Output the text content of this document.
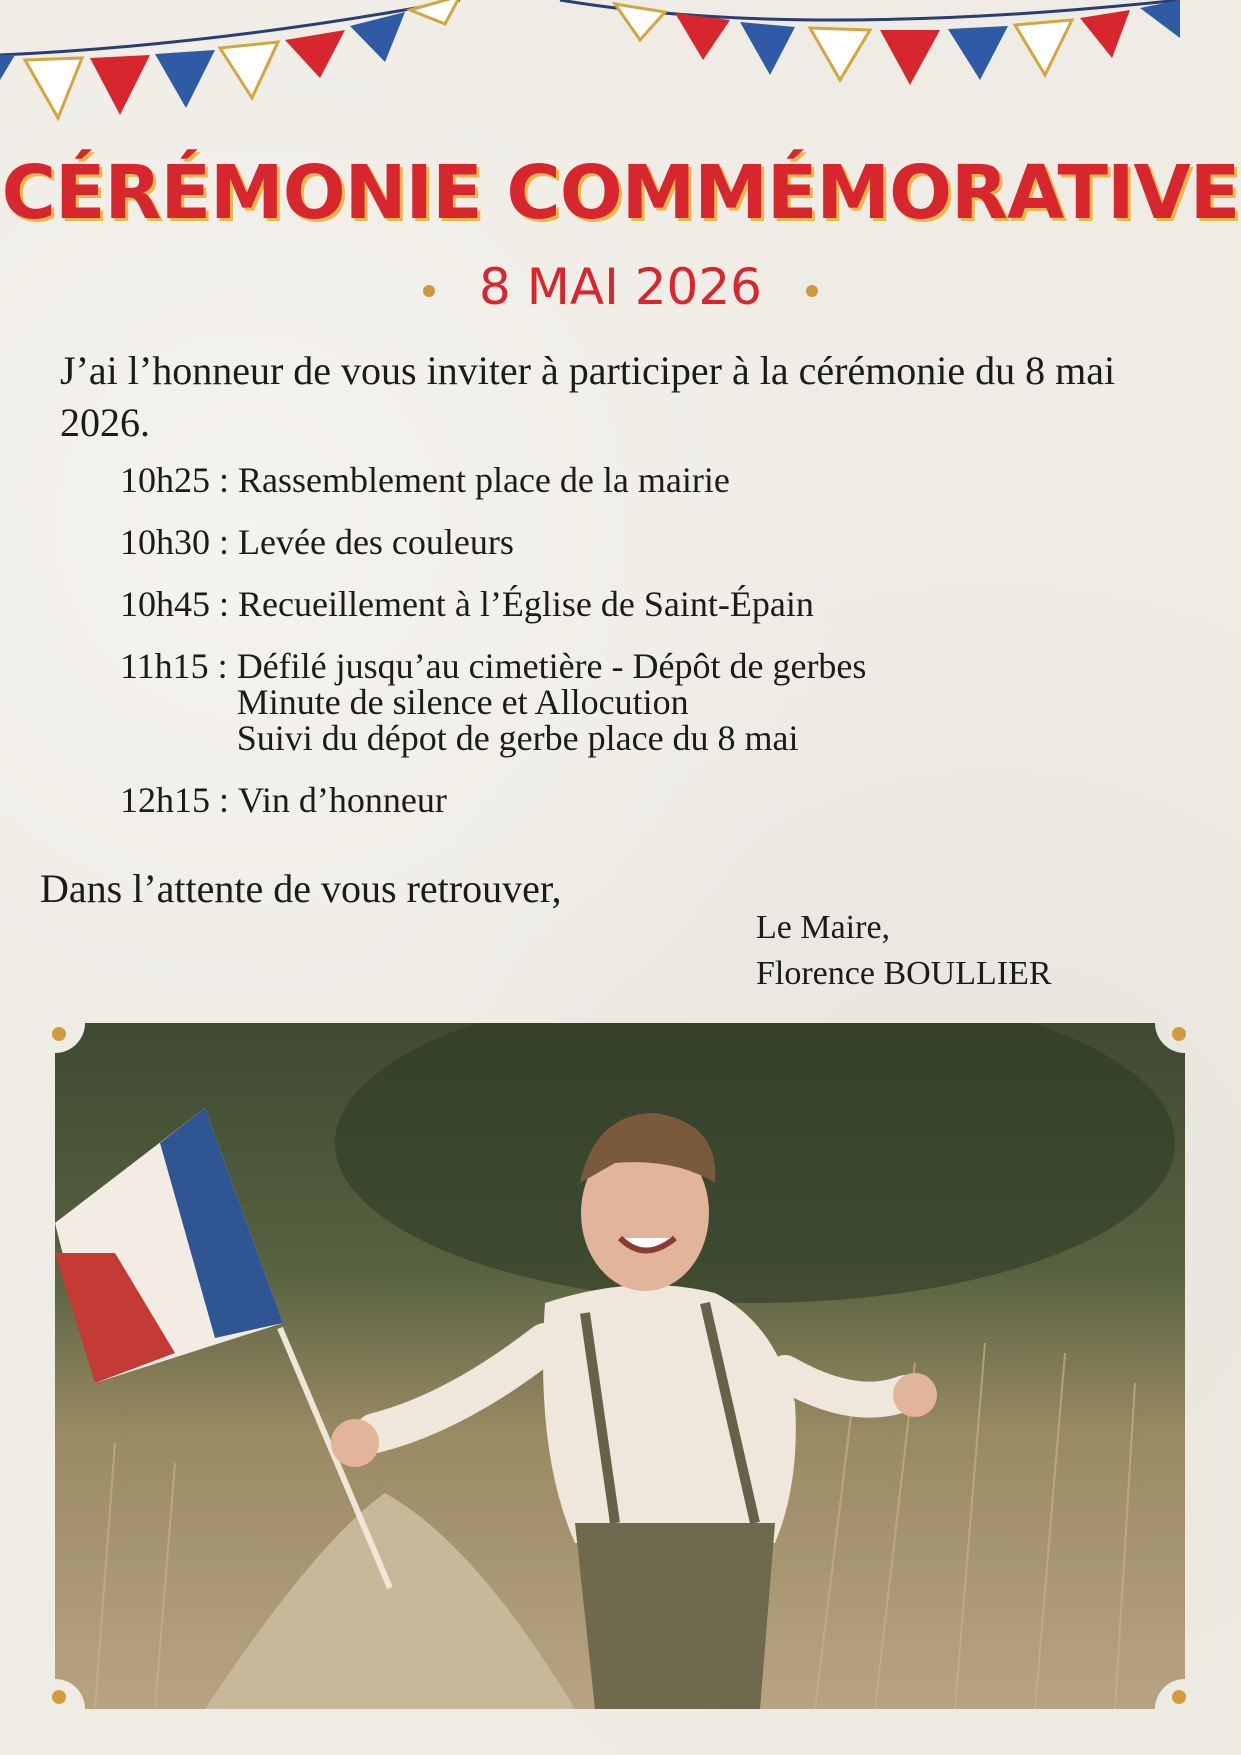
CÉRÉMONIE COMMÉMORATIVE
8 MAI 2026
J’ai l’honneur de vous inviter à participer à la cérémonie du 8 mai 2026.
10h25 : Rassemblement place de la mairie
10h30 : Levée des couleurs
10h45 : Recueillement à l’Église de Saint-Épain
11h15 : Défilé jusqu’au cimetière - Dépôt de gerbes
Minute de silence et Allocution
Suivi du dépot de gerbe place du 8 mai
12h15 : Vin d’honneur
Dans l’attente de vous retrouver,
Le Maire,
Florence BOULLIER
